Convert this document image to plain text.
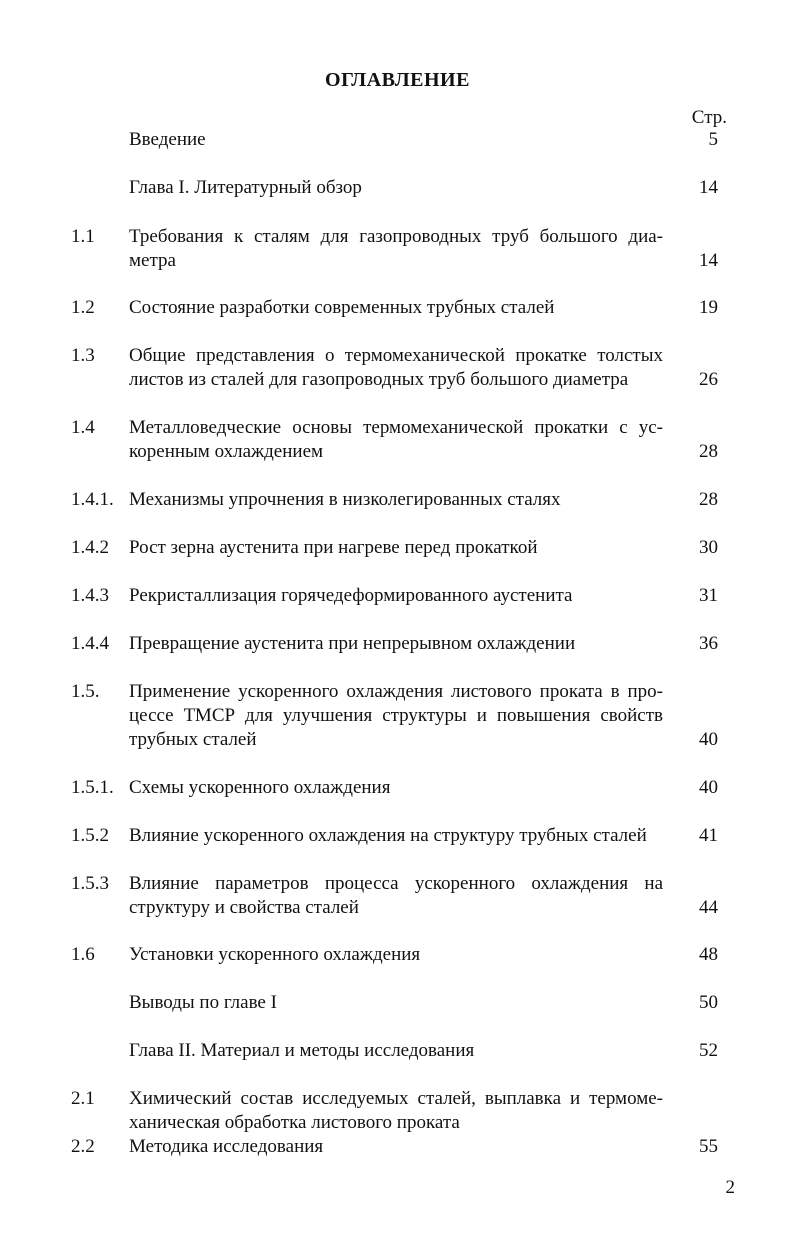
ОГЛАВЛЕНИЕ
Стр.
Введение	5
Глава I. Литературный обзор	14
1.1 Требования к сталям для газопроводных труб большого диа-
метра	14
1.2 Состояние разработки современных трубных сталей	19
1.3 Общие представления о термомеханической прокатке толстых
листов из сталей для газопроводных труб большого диаметра	26
1.4 Металловедческие основы термомеханической прокатки с ус-
коренным охлаждением	28
1.4.1. Механизмы упрочнения в низколегированных сталях	28
1.4.2 Рост зерна аустенита при нагреве перед прокаткой	30
1.4.3 Рекристаллизация горячедеформированного аустенита	31
1.4.4 Превращение аустенита при непрерывном охлаждении	36
1.5. Применение ускоренного охлаждения листового проката в про-
цессе ТМСР для улучшения структуры и повышения свойств
трубных сталей	40
1.5.1. Схемы ускоренного охлаждения	40
1.5.2 Влияние ускоренного охлаждения на структуру трубных сталей	41
1.5.3 Влияние параметров процесса ускоренного охлаждения на
структуру и свойства сталей	44
1.6 Установки ускоренного охлаждения	48
Выводы по главе I	50
Глава II. Материал и методы исследования	52
2.1 Химический состав исследуемых сталей, выплавка и термоме-
ханическая обработка листового проката
2.2 Методика исследования	55
2
